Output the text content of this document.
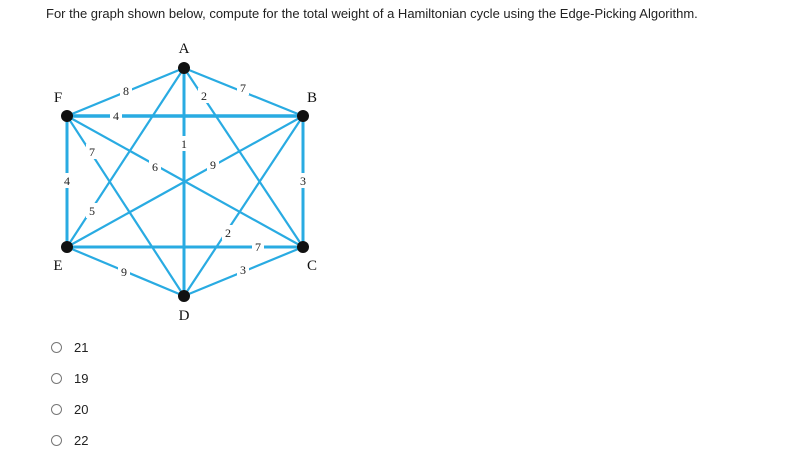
For the graph shown below, compute for the total weight of a Hamiltonian cycle using the Edge-Picking Algorithm.
7
2
1
5
8
3
2
9
4
3
7
6
9
7
4
A
B
C
D
E
F
21
19
20
22
